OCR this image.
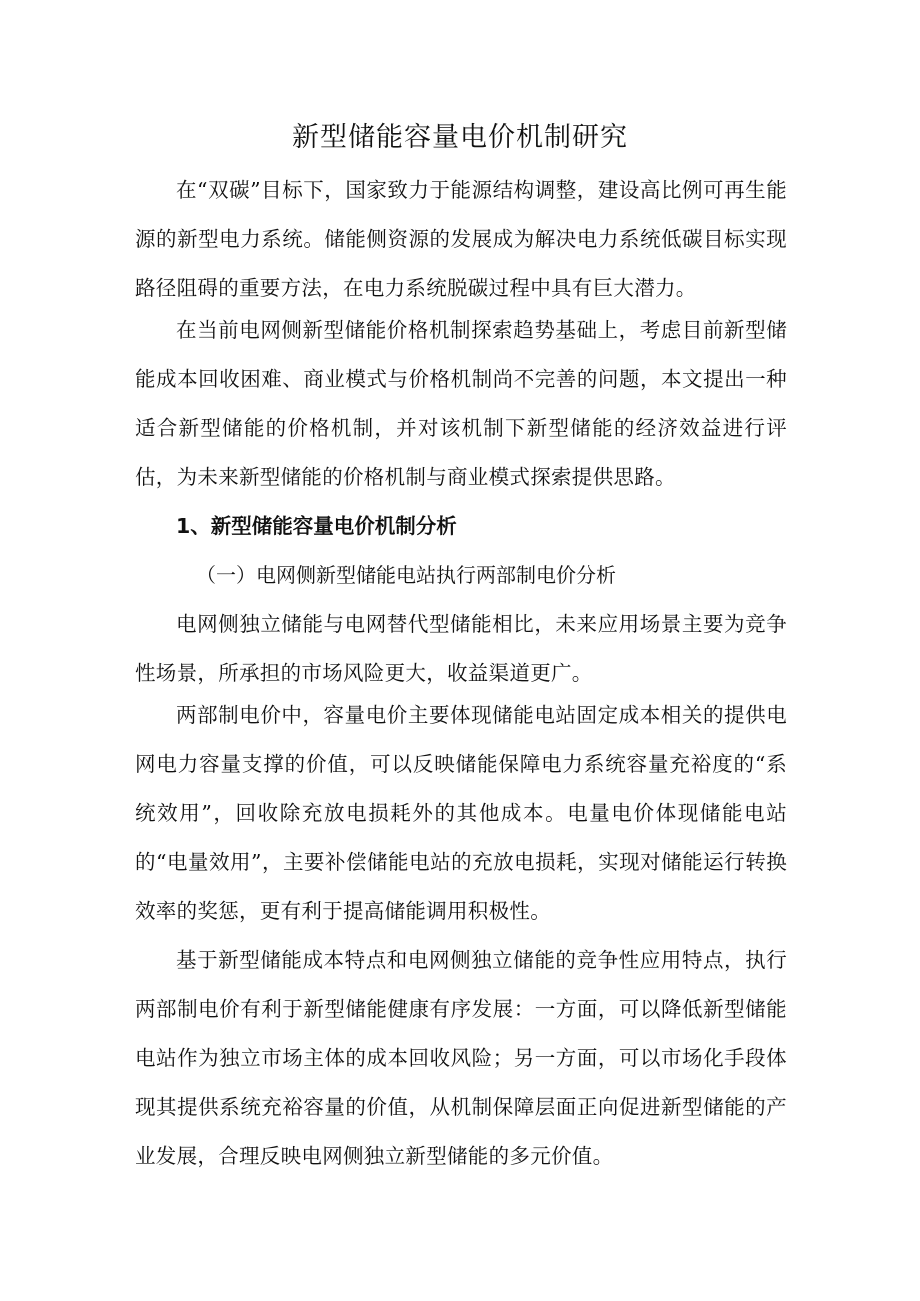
新型储能容量电价机制研究

在“双碳”目标下，国家致力于能源结构调整，建设高比例可再生能源的新型电力系统。储能侧资源的发展成为解决电力系统低碳目标实现路径阻碍的重要方法，在电力系统脱碳过程中具有巨大潜力。

在当前电网侧新型储能价格机制探索趋势基础上，考虑目前新型储能成本回收困难、商业模式与价格机制尚不完善的问题，本文提出一种适合新型储能的价格机制，并对该机制下新型储能的经济效益进行评估，为未来新型储能的价格机制与商业模式探索提供思路。

1、新型储能容量电价机制分析
（一）电网侧新型储能电站执行两部制电价分析

电网侧独立储能与电网替代型储能相比，未来应用场景主要为竞争性场景，所承担的市场风险更大，收益渠道更广。

两部制电价中，容量电价主要体现储能电站固定成本相关的提供电网电力容量支撑的价值，可以反映储能保障电力系统容量充裕度的“系统效用”，回收除充放电损耗外的其他成本。电量电价体现储能电站的“电量效用”，主要补偿储能电站的充放电损耗，实现对储能运行转换效率的奖惩，更有利于提高储能调用积极性。

基于新型储能成本特点和电网侧独立储能的竞争性应用特点，执行两部制电价有利于新型储能健康有序发展：一方面，可以降低新型储能电站作为独立市场主体的成本回收风险；另一方面，可以市场化手段体现其提供系统充裕容量的价值，从机制保障层面正向促进新型储能的产业发展，合理反映电网侧独立新型储能的多元价值。
